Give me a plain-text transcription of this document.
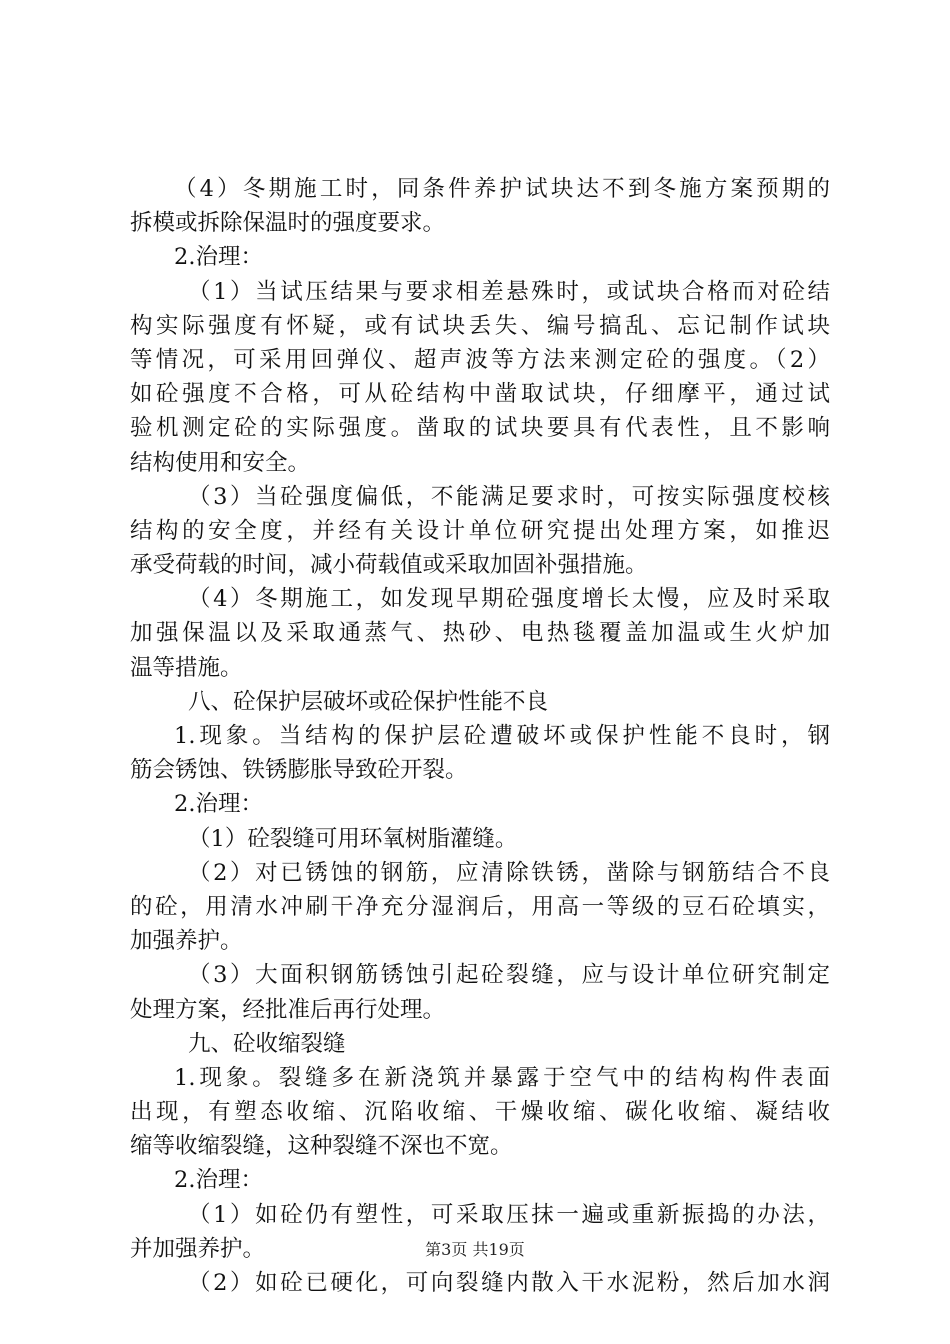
（4）冬期施工时，同条件养护试块达不到冬施方案预期的
拆模或拆除保温时的强度要求。
2.治理：
（1）当试压结果与要求相差悬殊时，或试块合格而对砼结
构实际强度有怀疑，或有试块丢失、编号搞乱、忘记制作试块
等情况，可采用回弹仪、超声波等方法来测定砼的强度。（2）
如砼强度不合格，可从砼结构中凿取试块，仔细摩平，通过试
验机测定砼的实际强度。凿取的试块要具有代表性，且不影响
结构使用和安全。
（3）当砼强度偏低，不能满足要求时，可按实际强度校核
结构的安全度，并经有关设计单位研究提出处理方案，如推迟
承受荷载的时间，减小荷载值或采取加固补强措施。
（4）冬期施工，如发现早期砼强度增长太慢，应及时采取
加强保温以及采取通蒸气、热砂、电热毯覆盖加温或生火炉加
温等措施。
八、砼保护层破坏或砼保护性能不良
1.现象。当结构的保护层砼遭破坏或保护性能不良时，钢
筋会锈蚀、铁锈膨胀导致砼开裂。
2.治理：
（1）砼裂缝可用环氧树脂灌缝。
（2）对已锈蚀的钢筋，应清除铁锈，凿除与钢筋结合不良
的砼，用清水冲刷干净充分湿润后，用高一等级的豆石砼填实，
加强养护。
（3）大面积钢筋锈蚀引起砼裂缝，应与设计单位研究制定
处理方案，经批准后再行处理。
九、砼收缩裂缝
1.现象。裂缝多在新浇筑并暴露于空气中的结构构件表面
出现，有塑态收缩、沉陷收缩、干燥收缩、碳化收缩、凝结收
缩等收缩裂缝，这种裂缝不深也不宽。
2.治理：
（1）如砼仍有塑性，可采取压抹一遍或重新振捣的办法，
并加强养护。
（2）如砼已硬化，可向裂缝内散入干水泥粉，然后加水润
第3页 共19页
